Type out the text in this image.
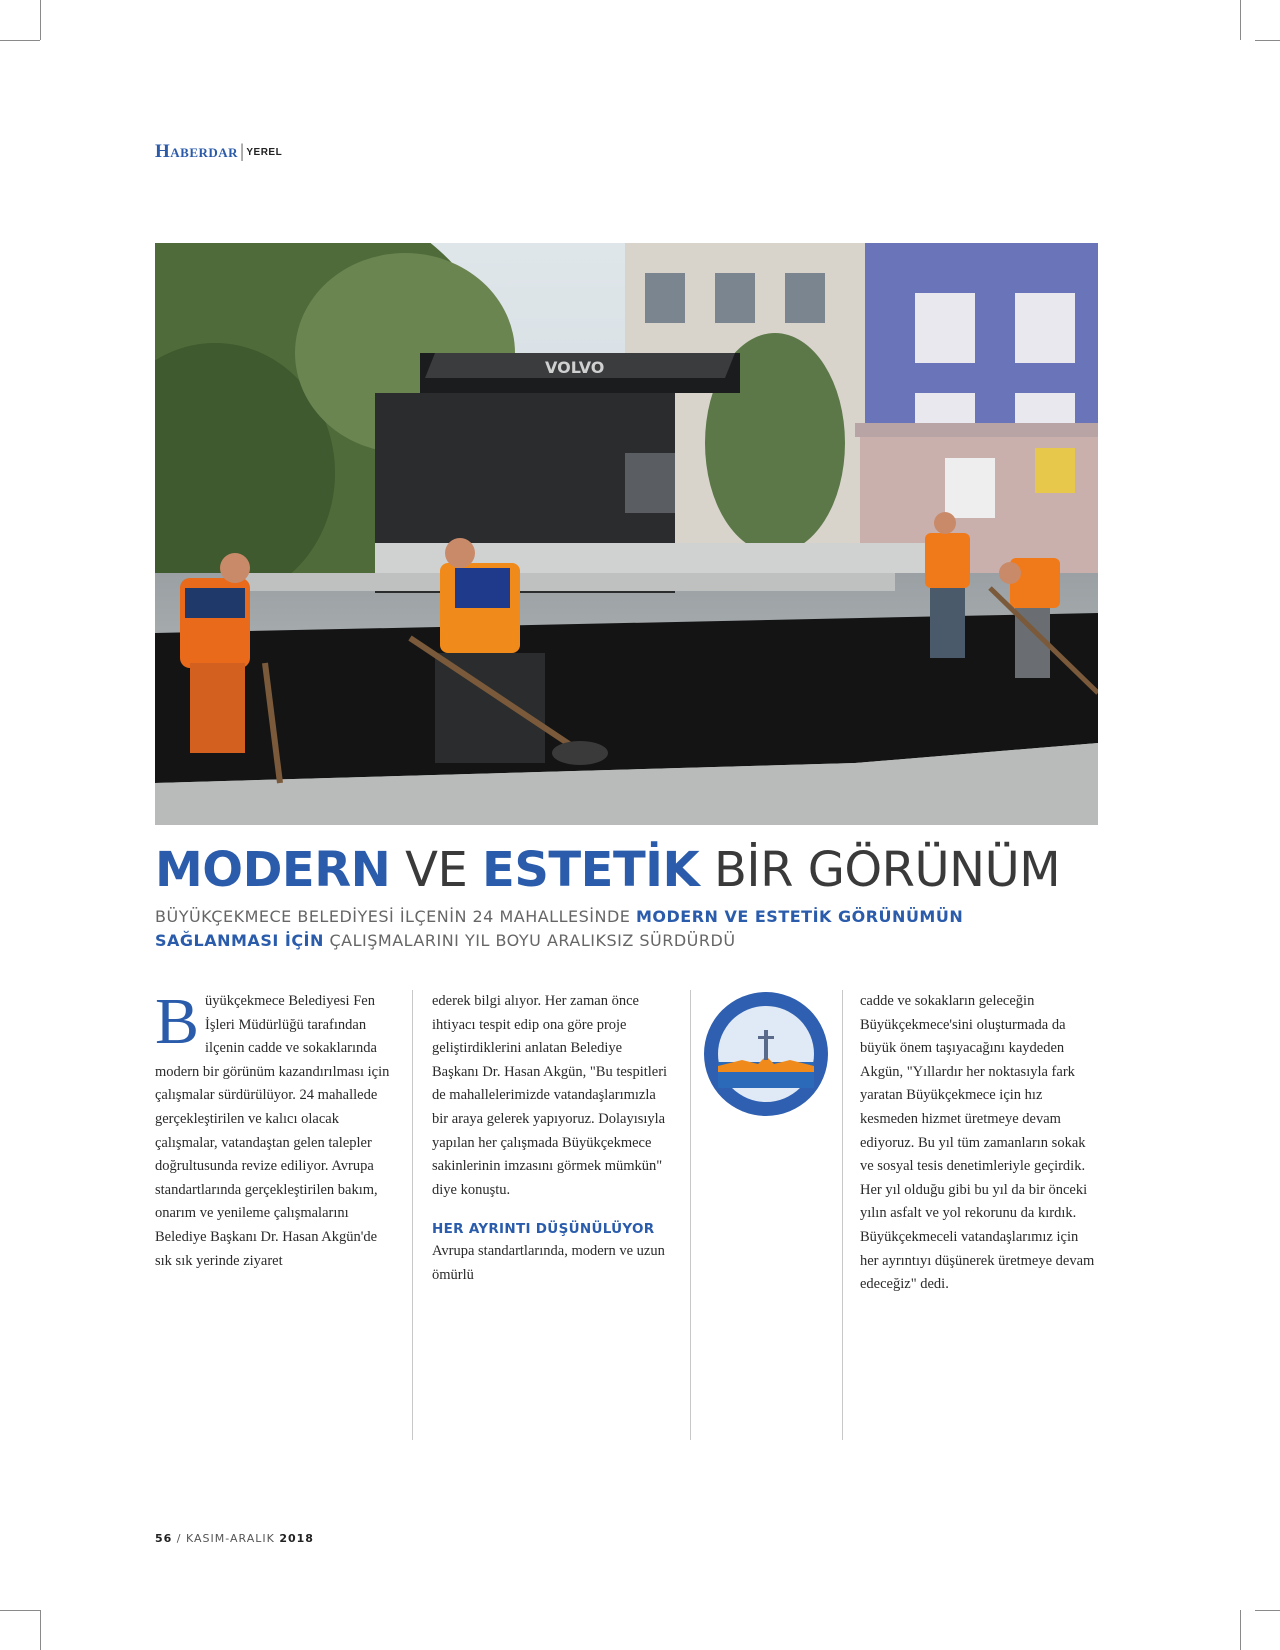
Haberdar | YEREL
VOLVO
MODERN VE ESTETİK BİR GÖRÜNÜM
BÜYÜKÇEKMECE BELEDİYESİ İLÇENİN 24 MAHALLESİNDE MODERN VE ESTETİK GÖRÜNÜMÜN SAĞLANMASI İÇİN ÇALIŞMALARINI YIL BOYU ARALIKSIZ SÜRDÜRDÜ
Büyükçekmece Belediyesi Fen İşleri Müdürlüğü tarafından ilçenin cadde ve sokaklarında modern bir görünüm kazandırılması için çalışmalar sürdürülüyor. 24 mahallede gerçekleştirilen ve kalıcı olacak çalışmalar, vatandaştan gelen talepler doğrultusunda revize ediliyor. Avrupa standartlarında gerçekleştirilen bakım, onarım ve yenileme çalışmalarını Belediye Başkanı Dr. Hasan Akgün'de sık sık yerinde ziyaret
ederek bilgi alıyor. Her zaman önce ihtiyacı tespit edip ona göre proje geliştirdiklerini anlatan Belediye Başkanı Dr. Hasan Akgün, "Bu tespitleri de mahallelerimizde vatandaşlarımızla bir araya gelerek yapıyoruz. Dolayısıyla yapılan her çalışmada Büyükçekmece sakinlerinin imzasını görmek mümkün" diye konuştu.
HER AYRINTI DÜŞÜNÜLÜYOR
Avrupa standartlarında, modern ve uzun ömürlü
cadde ve sokakların geleceğin Büyükçekmece'sini oluşturmada da büyük önem taşıyacağını kaydeden Akgün, "Yıllardır her noktasıyla fark yaratan Büyükçekmece için hız kesmeden hizmet üretmeye devam ediyoruz. Bu yıl tüm zamanların sokak ve sosyal tesis denetimleriyle geçirdik. Her yıl olduğu gibi bu yıl da bir önceki yılın asfalt ve yol rekorunu da kırdık. Büyükçekmeceli vatandaşlarımız için her ayrıntıyı düşünerek üretmeye devam edeceğiz" dedi.
56 / KASIM-ARALIK 2018
